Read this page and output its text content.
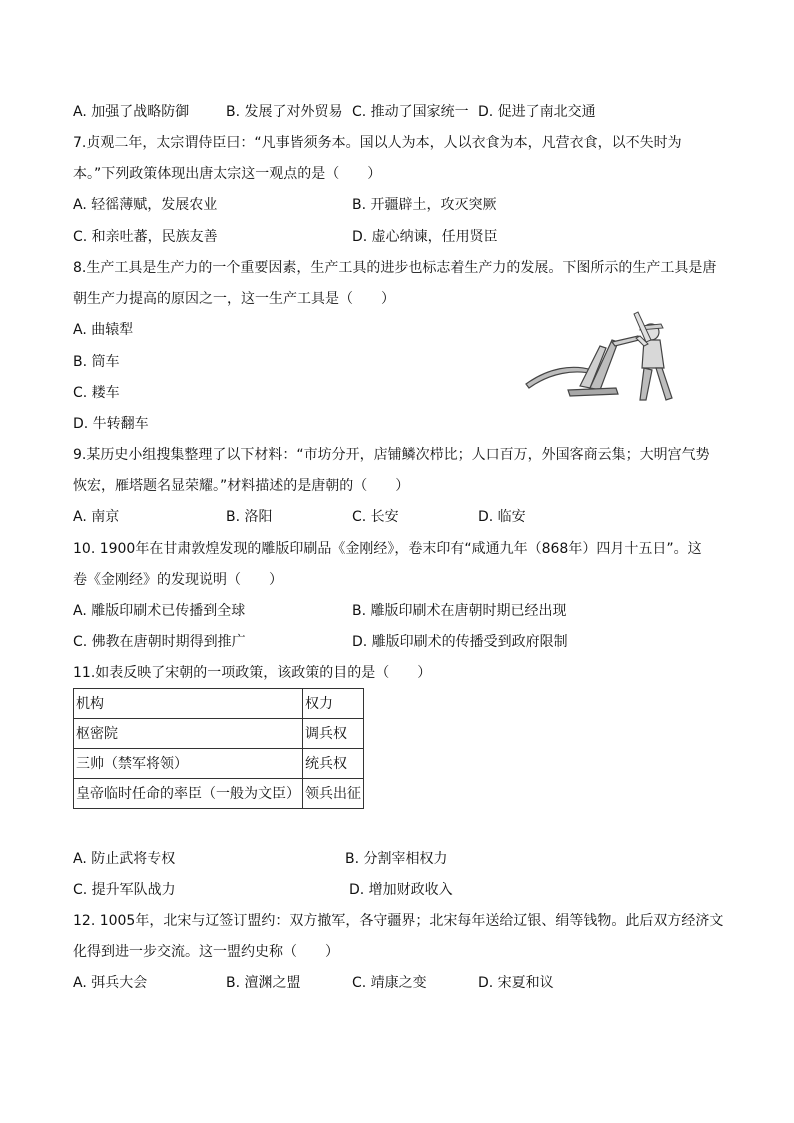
A. 加强了战略防御	B. 发展了对外贸易 C. 推动了国家统一 D. 促进了南北交通
7.贞观二年，太宗谓侍臣曰：“凡事皆须务本。国以人为本，人以衣食为本，凡营衣食，以不失时为
本。”下列政策体现出唐太宗这一观点的是（　　）
A. 轻徭薄赋，发展农业	B. 开疆辟土，攻灭突厥
C. 和亲吐蕃，民族友善	D. 虚心纳谏，任用贤臣
8.生产工具是生产力的一个重要因素，生产工具的进步也标志着生产力的发展。下图所示的生产工具是唐
朝生产力提高的原因之一，这一生产工具是（　　）
A. 曲辕犁
B. 筒车
C. 耧车
D. 牛转翻车
9.某历史小组搜集整理了以下材料：“市坊分开，店铺鳞次栉比；人口百万，外国客商云集；大明宫气势
恢宏，雁塔题名显荣耀。”材料描述的是唐朝的（　　）
A. 南京	B. 洛阳	C. 长安	D. 临安
10. 1900年在甘肃敦煌发现的雕版印刷品《金刚经》，卷末印有“咸通九年（868年）四月十五日”。这
卷《金刚经》的发现说明（　　）
A. 雕版印刷术已传播到全球	B. 雕版印刷术在唐朝时期已经出现
C. 佛教在唐朝时期得到推广	D. 雕版印刷术的传播受到政府限制
11.如表反映了宋朝的一项政策，该政策的目的是（　　）
机构	权力
枢密院	调兵权
三帅（禁军将领）	统兵权
皇帝临时任命的率臣（一般为文臣）	领兵出征
A. 防止武将专权	B. 分割宰相权力
C. 提升军队战力	D. 增加财政收入
12. 1005年，北宋与辽签订盟约：双方撤军，各守疆界；北宋每年送给辽银、绢等钱物。此后双方经济文
化得到进一步交流。这一盟约史称（　　）
A. 弭兵大会	B. 澶渊之盟	C. 靖康之变	D. 宋夏和议
